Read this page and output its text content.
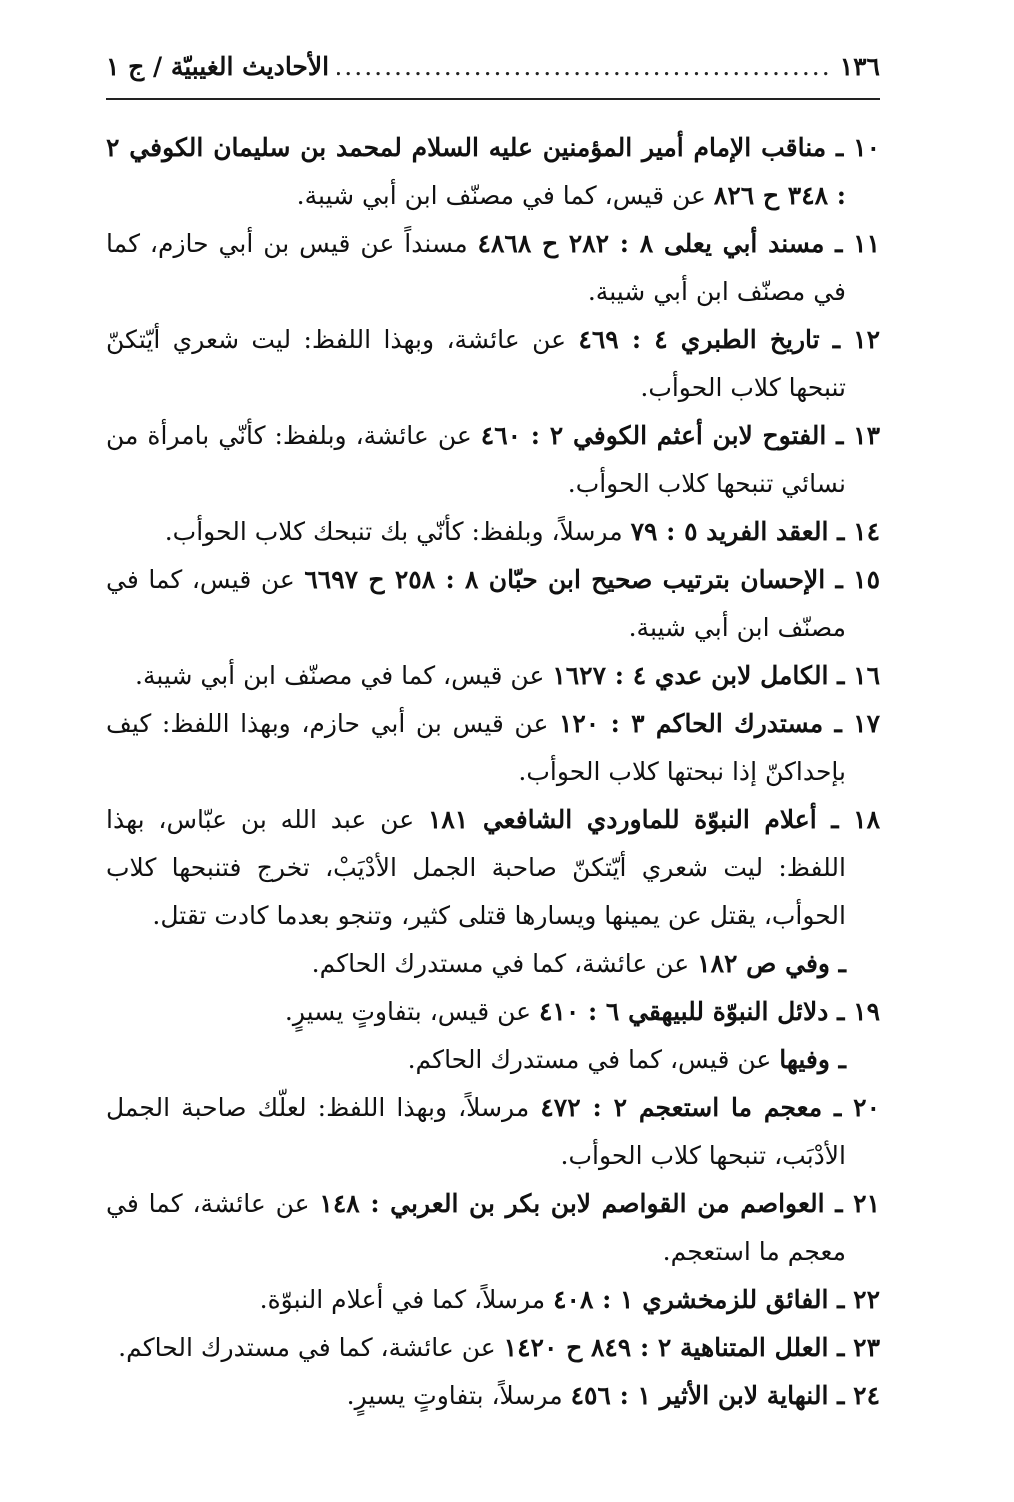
١٣٦
.....
الأحاديث الغيبيّة / ج ١

١٠ ـ مناقب الإمام أمير المؤمنين عليه السلام لمحمد بن سليمان الكوفي ٢ : ٣٤٨ ح ٨٢٦ عن قيس، كما في مصنّف ابن أبي شيبة.

١١ ـ مسند أبي يعلى ٨ : ٢٨٢ ح ٤٨٦٨ مسنداً عن قيس بن أبي حازم، كما في مصنّف ابن أبي شيبة.

١٢ ـ تاريخ الطبري ٤ : ٤٦٩ عن عائشة، وبهذا اللفظ: ليت شعري أيّتكنّ تنبحها كلاب الحوأب.

١٣ ـ الفتوح لابن أعثم الكوفي ٢ : ٤٦٠ عن عائشة، وبلفظ: كأنّي بامرأة من نسائي تنبحها كلاب الحوأب.

١٤ ـ العقد الفريد ٥ : ٧٩ مرسلاً، وبلفظ: كأنّي بك تنبحك كلاب الحوأب.

١٥ ـ الإحسان بترتيب صحيح ابن حبّان ٨ : ٢٥٨ ح ٦٦٩٧ عن قيس، كما في مصنّف ابن أبي شيبة.

١٦ ـ الكامل لابن عدي ٤ : ١٦٢٧ عن قيس، كما في مصنّف ابن أبي شيبة.

١٧ ـ مستدرك الحاكم ٣ : ١٢٠ عن قيس بن أبي حازم، وبهذا اللفظ: كيف بإحداكنّ إذا نبحتها كلاب الحوأب.

١٨ ـ أعلام النبوّة للماوردي الشافعي ١٨١ عن عبد الله بن عبّاس، بهذا اللفظ: ليت شعري أيّتكنّ صاحبة الجمل الأدْيَبْ، تخرج فتنبحها كلاب الحوأب، يقتل عن يمينها ويسارها قتلى كثير، وتنجو بعدما كادت تقتل.

ـ وفي ص ١٨٢ عن عائشة، كما في مستدرك الحاكم.

١٩ ـ دلائل النبوّة للبيهقي ٦ : ٤١٠ عن قيس، بتفاوتٍ يسيرٍ.

ـ وفيها عن قيس، كما في مستدرك الحاكم.

٢٠ ـ معجم ما استعجم ٢ : ٤٧٢ مرسلاً، وبهذا اللفظ: لعلّك صاحبة الجمل الأدْبَب، تنبحها كلاب الحوأب.

٢١ ـ العواصم من القواصم لابن بكر بن العربي : ١٤٨ عن عائشة، كما في معجم ما استعجم.

٢٢ ـ الفائق للزمخشري ١ : ٤٠٨ مرسلاً، كما في أعلام النبوّة.

٢٣ ـ العلل المتناهية ٢ : ٨٤٩ ح ١٤٢٠ عن عائشة، كما في مستدرك الحاكم.

٢٤ ـ النهاية لابن الأثير ١ : ٤٥٦ مرسلاً، بتفاوتٍ يسيرٍ.
